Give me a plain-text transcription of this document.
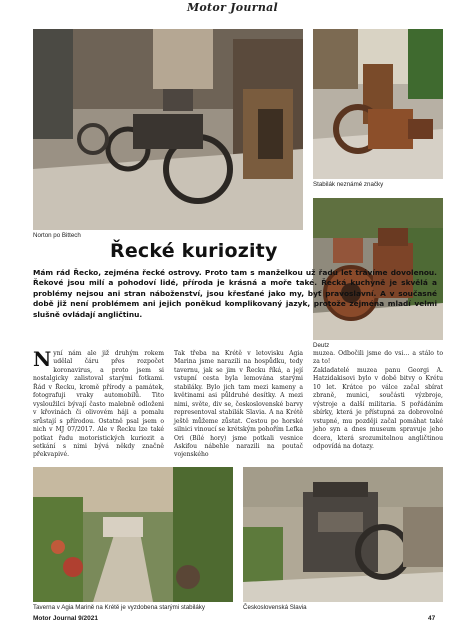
Motor Journal
Norton po Bittech
Stabilák neznámé značky
Deutz
Řecké kuriozity
Mám rád Řecko, zejména řecké ostrovy. Proto tam s manželkou už řadu let trávíme dovolenou. Řekové jsou milí a pohodoví lidé, příroda je krásná a moře také. Řecká kuchyně je skvělá a problémy nejsou ani stran náboženství, jsou křesťané jako my, byť pravoslavní. A v současné době již není problémem ani jejich poněkud komplikovaný jazyk, protože zejména mladí velmi slušně ovládají angličtinu.
Nyní nám ale již druhým rokem udělal čáru přes rozpočet koronavirus, a proto jsem si nostalgicky zalistoval starými fotkami. Řád v Řecku, kromě přírody a památek, fotografuji vraky automobilů. Tito vysloužilci bývají často malebně odloženi v křovinách či olivovém háji a pomalu srůstají s přírodou. Ostatně psal jsem o nich v MJ 07/2017. Ale v Řecku lze také potkat řadu motoristických kuriozit a setkání s nimi bývá někdy značně překvapivé.
Tak třeba na Krétě v letovisku Agia Marina jsme narazili na hospůdku, tedy tavernu, jak se jim v Řecku říká, a její vstupní cesta byla lemována starými stabiláky. Bylo jich tam mezi kameny a květinami asi půldruhé desítky. A mezi nimi, světe, div se, československé barvy representoval stabilák Slavia. A na Krétě ještě můžeme zůstat. Cestou po horské silnici vinoucí se krétským pohořím Lefka Ori (Bílé hory) jsme potkali vesnice Askifou nábehle narazili na poutač vojenského
muzea. Odbočili jsme do vsi… a stálo to za to!
Zakladatelé muzea panu Georgi A. Hatzidakisovi bylo v době bitvy o Krétu 10 let. Krátce po válce začal sbírat zbraně, munici, součásti výzbroje, výstroje a další militaria. S pořádáním sbírky, která je přístupná za dobrovolné vstupné, mu později začal pomáhat také jeho syn a dnes museum spravuje jeho dcera, která srozumitelnou angličtinou odpovídá na dotazy.
Taverna v Agia Marině na Krétě je vyzdobena starými stabiláky	Československá Slavia
Motor Journal 9/2021	47
